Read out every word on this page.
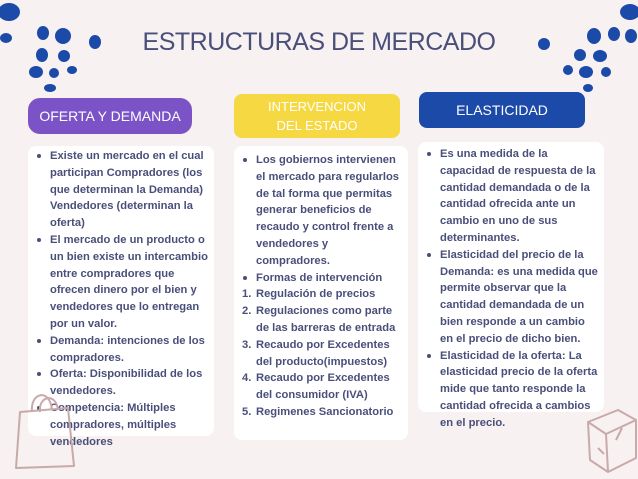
ESTRUCTURAS DE MERCADO
OFERTA Y DEMANDA
INTERVENCION
DEL ESTADO
ELASTICIDAD
Existe un mercado en el cual participan Compradores (los que determinan la Demanda) Vendedores (determinan la oferta)
El mercado de un producto o un bien existe un intercambio entre compradores que ofrecen dinero por el bien y vendedores que lo entregan por un valor.
Demanda: intenciones de los compradores.
Oferta: Disponibilidad de los vendedores.
Competencia: Múltiples compradores, múltiples vendedores
Los gobiernos intervienen el mercado para regularlos de tal forma que permitas generar beneficios de recaudo y control frente a vendedores y compradores.
Formas de intervención
1. Regulación de precios
2. Regulaciones como parte de las barreras de entrada
3. Recaudo por Excedentes del producto(impuestos)
4. Recaudo por Excedentes del consumidor (IVA)
5. Regimenes Sancionatorio
Es una medida de la capacidad de respuesta de la cantidad demandada o de la cantidad ofrecida ante un cambio en uno de sus determinantes.
Elasticidad del precio de la Demanda: es una medida que permite observar que la cantidad demandada de un bien responde a un cambio en el precio de dicho bien.
Elasticidad de la oferta: La elasticidad precio de la oferta mide que tanto responde la cantidad ofrecida a cambios en el precio.
